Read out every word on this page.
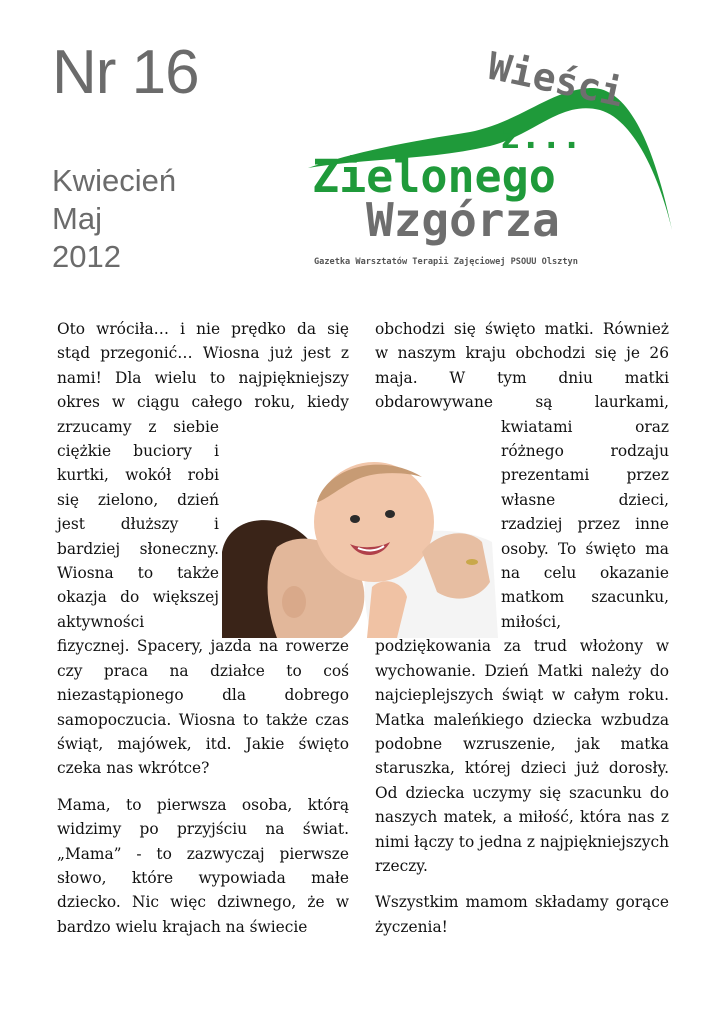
Nr 16
Kwiecień
Maj
2012
Wieści
z...
Zielonego
Wzgórza
Gazetka Warsztatów Terapii Zajęciowej PSOUU Olsztyn

Oto wróciła… i nie prędko da się stąd przegonić… Wiosna już jest z nami! Dla wielu to najpiękniejszy okres w ciągu całego roku, kiedy zrzucamy z siebie ciężkie buciory i kurtki, wokół robi się zielono, dzień jest dłuższy i bardziej słoneczny. Wiosna to także okazja do większej aktywności fizycznej. Spacery, jazda na rowerze czy praca na działce to coś niezastąpionego dla dobrego samopoczucia. Wiosna to także czas świąt, majówek, itd. Jakie święto czeka nas wkrótce?

Mama, to pierwsza osoba, którą widzimy po przyjściu na świat. „Mama” - to zazwyczaj pierwsze słowo, które wypowiada małe dziecko. Nic więc dziwnego, że w bardzo wielu krajach na świecie

obchodzi się święto matki. Również w naszym kraju obchodzi się je 26 maja. W tym dniu matki obdarowywane są laurkami, kwiatami oraz różnego rodzaju prezentami przez własne dzieci, rzadziej przez inne osoby. To święto ma na celu okazanie matkom szacunku, miłości, podziękowania za trud włożony w wychowanie. Dzień Matki należy do najcieplejszych świąt w całym roku. Matka maleńkiego dziecka wzbudza podobne wzruszenie, jak matka staruszka, której dzieci już dorosły. Od dziecka uczymy się szacunku do naszych matek, a miłość, która nas z nimi łączy to jedna z najpiękniejszych rzeczy.

Wszystkim mamom składamy gorące życzenia!
